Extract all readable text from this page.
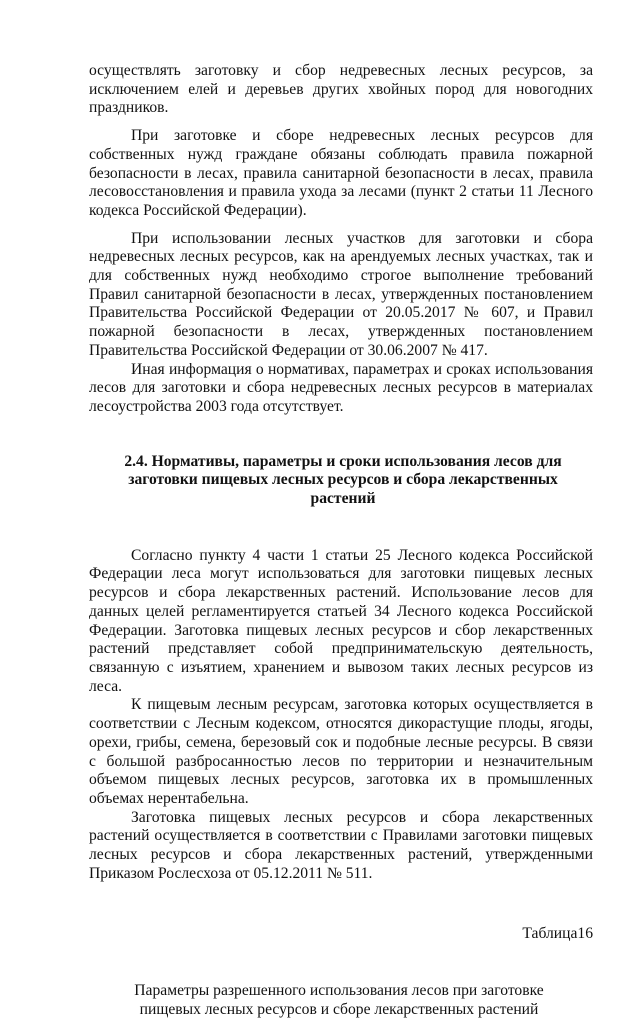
осуществлять заготовку и сбор недревесных лесных ресурсов, за исключением елей и деревьев других хвойных пород для новогодних праздников.

При заготовке и сборе недревесных лесных ресурсов для собственных нужд граждане обязаны соблюдать правила пожарной безопасности в лесах, правила санитарной безопасности в лесах, правила лесовосстановления и правила ухода за лесами (пункт 2 статьи 11 Лесного кодекса Российской Федерации).

При использовании лесных участков для заготовки и сбора недревесных лесных ресурсов, как на арендуемых лесных участках, так и для собственных нужд необходимо строгое выполнение требований Правил санитарной безопасности в лесах, утвержденных постановлением Правительства Российской Федерации от 20.05.2017 № 607, и Правил пожарной безопасности в лесах, утвержденных постановлением Правительства Российской Федерации от 30.06.2007 № 417.

Иная информация о нормативах, параметрах и сроках использования лесов для заготовки и сбора недревесных лесных ресурсов в материалах лесоустройства 2003 года отсутствует.

2.4. Нормативы, параметры и сроки использования лесов для заготовки пищевых лесных ресурсов и сбора лекарственных растений

Согласно пункту 4 части 1 статьи 25 Лесного кодекса Российской Федерации леса могут использоваться для заготовки пищевых лесных ресурсов и сбора лекарственных растений. Использование лесов для данных целей регламентируется статьей 34 Лесного кодекса Российской Федерации. Заготовка пищевых лесных ресурсов и сбор лекарственных растений представляет собой предпринимательскую деятельность, связанную с изъятием, хранением и вывозом таких лесных ресурсов из леса.

К пищевым лесным ресурсам, заготовка которых осуществляется в соответствии с Лесным кодексом, относятся дикорастущие плоды, ягоды, орехи, грибы, семена, березовый сок и подобные лесные ресурсы. В связи с большой разбросанностью лесов по территории и незначительным объемом пищевых лесных ресурсов, заготовка их в промышленных объемах нерентабельна.

Заготовка пищевых лесных ресурсов и сбора лекарственных растений осуществляется в соответствии с Правилами заготовки пищевых лесных ресурсов и сбора лекарственных растений, утвержденными Приказом Рослесхоза от 05.12.2011 № 511.

Таблица16

Параметры разрешенного использования лесов при заготовке пищевых лесных ресурсов и сборе лекарственных растений
